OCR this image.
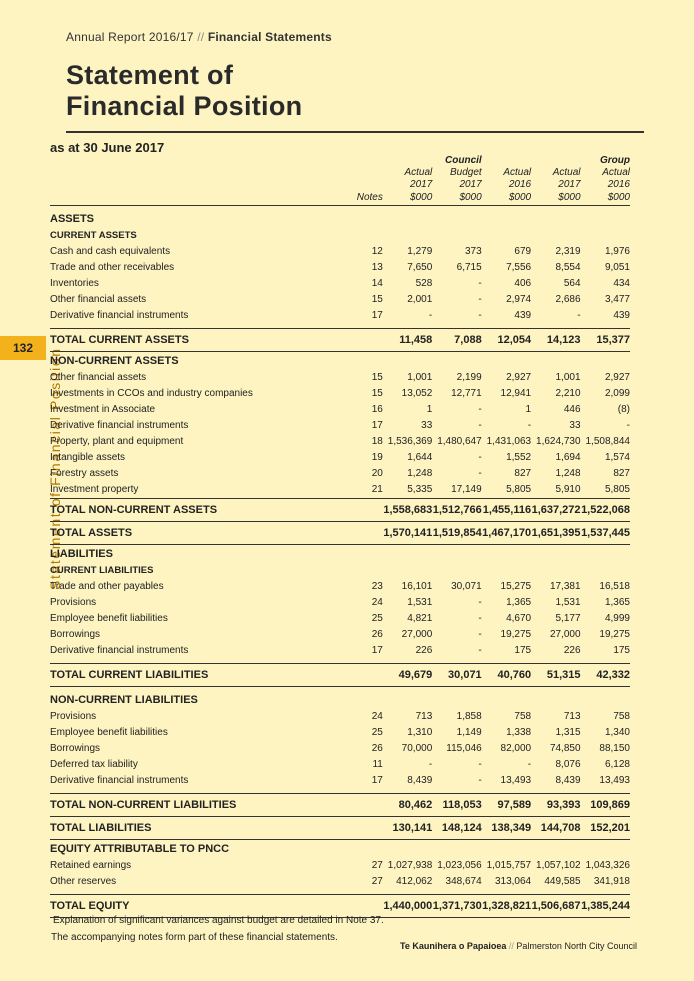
Annual Report 2016/17 // Financial Statements
Statement of
Financial Position
as at 30 June 2017
132 Statement of Financial Position
			Council			Group
		Actual	Budget	Actual	Actual	Actual
		2017	2017	2016	2017	2016
	Notes	$000	$000	$000	$000	$000

ASSETS						
CURRENT ASSETS						
Cash and cash equivalents	12	1,279	373	679	2,319	1,976
Trade and other receivables	13	7,650	6,715	7,556	8,554	9,051
Inventories	14	528	-	406	564	434
Other financial assets	15	2,001	-	2,974	2,686	3,477
Derivative financial instruments	17	-	-	439	-	439

TOTAL CURRENT ASSETS		11,458	7,088	12,054	14,123	15,377
NON-CURRENT ASSETS						
Other financial assets	15	1,001	2,199	2,927	1,001	2,927
Investments in CCOs and industry companies	15	13,052	12,771	12,941	2,210	2,099
Investment in Associate	16	1	-	1	446	(8)
Derivative financial instruments	17	33	-	-	33	-
Property, plant and equipment	18	1,536,369	1,480,647	1,431,063	1,624,730	1,508,844
Intangible assets	19	1,644	-	1,552	1,694	1,574
Forestry assets	20	1,248	-	827	1,248	827
Investment property	21	5,335	17,149	5,805	5,910	5,805
TOTAL NON-CURRENT ASSETS		1,558,683	1,512,766	1,455,116	1,637,272	1,522,068
TOTAL ASSETS		1,570,141	1,519,854	1,467,170	1,651,395	1,537,445
LIABILITIES						
CURRENT LIABILITIES						
Trade and other payables	23	16,101	30,071	15,275	17,381	16,518
Provisions	24	1,531	-	1,365	1,531	1,365
Employee benefit liabilities	25	4,821	-	4,670	5,177	4,999
Borrowings	26	27,000	-	19,275	27,000	19,275
Derivative financial instruments	17	226	-	175	226	175

TOTAL CURRENT LIABILITIES		49,679	30,071	40,760	51,315	42,332

NON-CURRENT LIABILITIES						
Provisions	24	713	1,858	758	713	758
Employee benefit liabilities	25	1,310	1,149	1,338	1,315	1,340
Borrowings	26	70,000	115,046	82,000	74,850	88,150
Deferred tax liability	11	-	-	-	8,076	6,128
Derivative financial instruments	17	8,439	-	13,493	8,439	13,493

TOTAL NON-CURRENT LIABILITIES		80,462	118,053	97,589	93,393	109,869
TOTAL LIABILITIES		130,141	148,124	138,349	144,708	152,201
EQUITY ATTRIBUTABLE TO PNCC						
Retained earnings	27	1,027,938	1,023,056	1,015,757	1,057,102	1,043,326
Other reserves	27	412,062	348,674	313,064	449,585	341,918

TOTAL EQUITY		1,440,000	1,371,730	1,328,821	1,506,687	1,385,244
Explanation of significant variances against budget are detailed in Note 37.
The accompanying notes form part of these financial statements.
Te Kaunihera o Papaioea // Palmerston North City Council
